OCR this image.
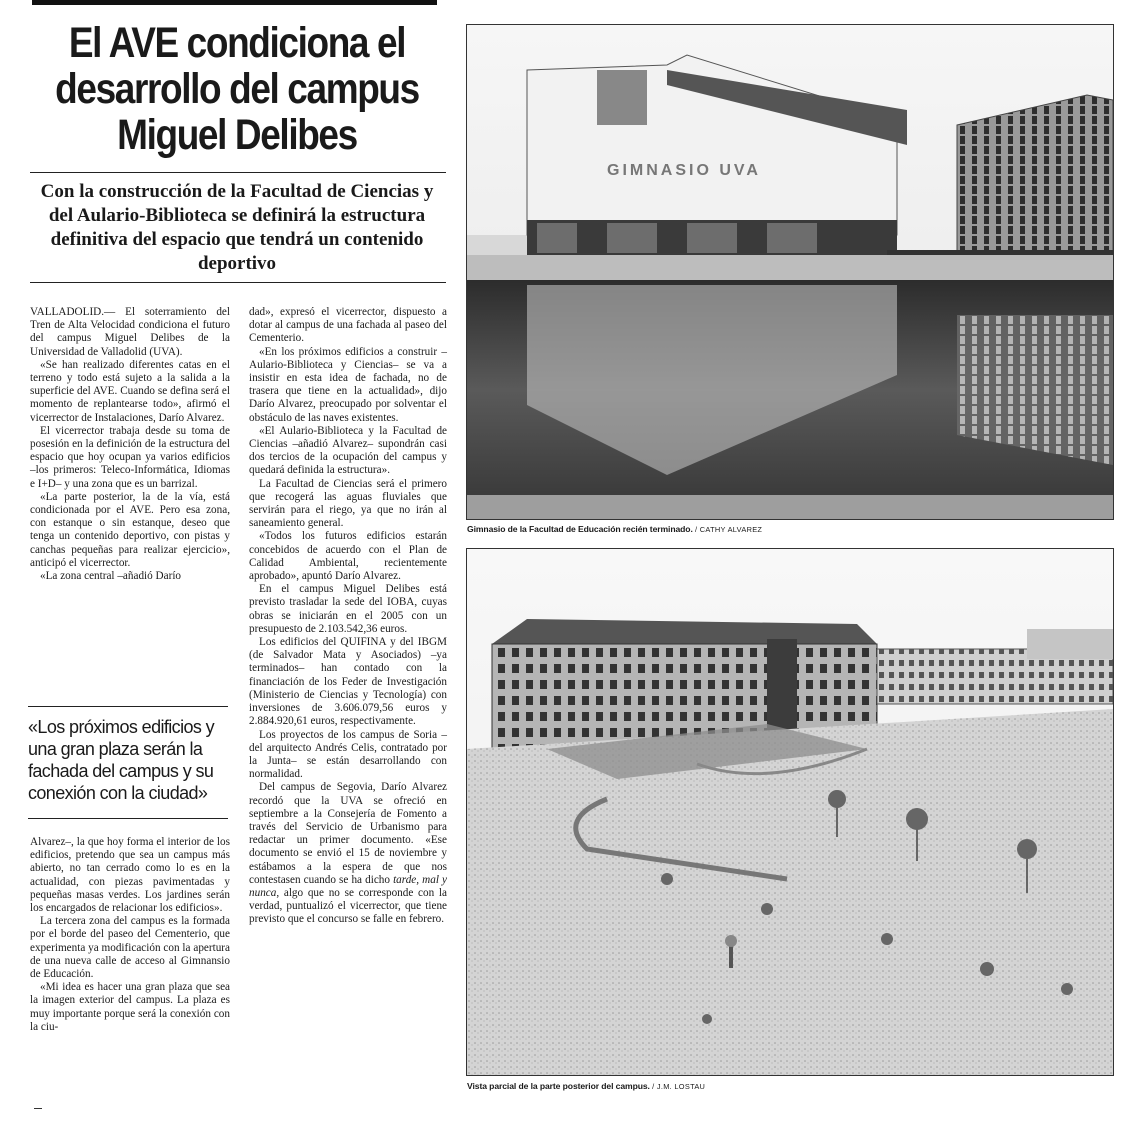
El AVE condiciona el desarrollo del campus Miguel Delibes
Con la construcción de la Facultad de Ciencias y del Aulario-Biblioteca se definirá la estructura definitiva del espacio que tendrá un contenido deportivo

VALLADOLID.— El soterramiento del Tren de Alta Velocidad condiciona el futuro del campus Miguel Delibes de la Universidad de Valladolid (UVA).

«Se han realizado diferentes catas en el terreno y todo está sujeto a la salida a la superficie del AVE. Cuando se defina será el momento de replantearse todo», afirmó el vicerrector de Instalaciones, Darío Alvarez.

El vicerrector trabaja desde su toma de posesión en la definición de la estructura del espacio que hoy ocupan ya varios edificios –los primeros: Teleco-Informática, Idiomas e I+D– y una zona que es un barrizal.

«La parte posterior, la de la vía, está condicionada por el AVE. Pero esa zona, con estanque o sin estanque, deseo que tenga un contenido deportivo, con pistas y canchas pequeñas para realizar ejercicio», anticipó el vicerrector.

«La zona central –añadió Darío

«Los próximos edificios y una gran plaza serán la fachada del campus y su conexión con la ciudad»

Alvarez–, la que hoy forma el interior de los edificios, pretendo que sea un campus más abierto, no tan cerrado como lo es en la actualidad, con piezas pavimentadas y pequeñas masas verdes. Los jardines serán los encargados de relacionar los edificios».

La tercera zona del campus es la formada por el borde del paseo del Cementerio, que experimenta ya modificación con la apertura de una nueva calle de acceso al Gimnansio de Educación.

«Mi idea es hacer una gran plaza que sea la imagen exterior del campus. La plaza es muy importante porque será la conexión con la ciu-

dad», expresó el vicerrector, dispuesto a dotar al campus de una fachada al paseo del Cementerio.

«En los próximos edificios a construir –Aulario-Biblioteca y Ciencias– se va a insistir en esta idea de fachada, no de trasera que tiene en la actualidad», dijo Darío Alvarez, preocupado por solventar el obstáculo de las naves existentes.

«El Aulario-Biblioteca y la Facultad de Ciencias –añadió Alvarez– supondrán casi dos tercios de la ocupación del campus y quedará definida la estructura».

La Facultad de Ciencias será el primero que recogerá las aguas fluviales que servirán para el riego, ya que no irán al saneamiento general.

«Todos los futuros edificios estarán concebidos de acuerdo con el Plan de Calidad Ambiental, recientemente aprobado», apuntó Darío Alvarez.

En el campus Miguel Delibes está previsto trasladar la sede del IOBA, cuyas obras se iniciarán en el 2005 con un presupuesto de 2.103.542,36 euros.

Los edificios del QUIFINA y del IBGM (de Salvador Mata y Asociados) –ya terminados– han contado con la financiación de los Feder de Investigación (Ministerio de Ciencias y Tecnología) con inversiones de 3.606.079,56 euros y 2.884.920,61 euros, respectivamente.

Los proyectos de los campus de Soria –del arquitecto Andrés Celis, contratado por la Junta– se están desarrollando con normalidad.

Del campus de Segovia, Darío Alvarez recordó que la UVA se ofreció en septiembre a la Consejería de Fomento a través del Servicio de Urbanismo para redactar un primer documento. «Ese documento se envió el 15 de noviembre y estábamos a la espera de que nos contestasen cuando se ha dicho tarde, mal y nunca, algo que no se corresponde con la verdad, puntualizó el vicerrector, que tiene previsto que el concurso se falle en febrero.

GIMNASIO UVA
Gimnasio de la Facultad de Educación recién terminado. / CATHY ALVAREZ
Vista parcial de la parte posterior del campus. / J.M. LOSTAU
